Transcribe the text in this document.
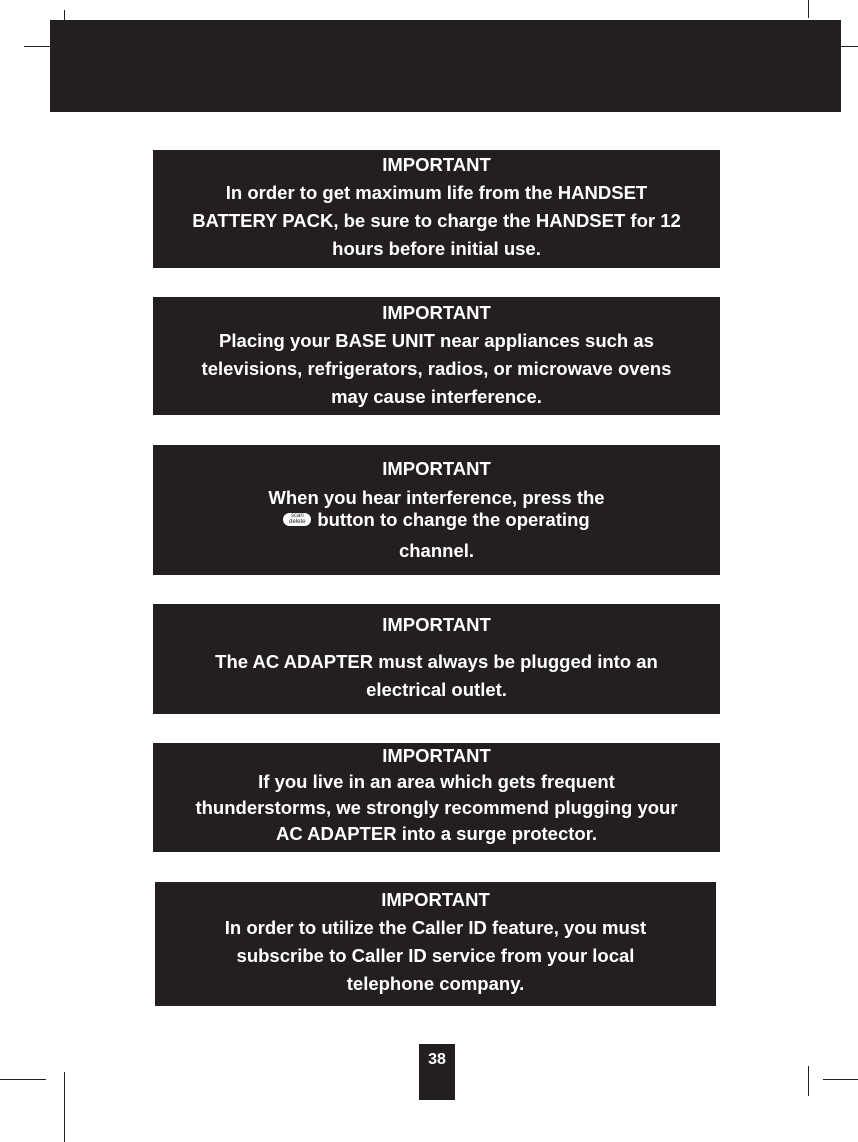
IMPORTANT
In order to get maximum life from the HANDSET
BATTERY PACK, be sure to charge the HANDSET for 12
hours before initial use.
IMPORTANT
Placing your BASE UNIT near appliances such as
televisions, refrigerators, radios, or microwave ovens
may cause interference.
IMPORTANT
When you hear interference, press the
scan
delete button to change the operating
channel.
IMPORTANT
The AC ADAPTER must always be plugged into an
electrical outlet.
IMPORTANT
If you live in an area which gets frequent
thunderstorms, we strongly recommend plugging your
AC ADAPTER into a surge protector.
IMPORTANT
In order to utilize the Caller ID feature, you must
subscribe to Caller ID service from your local
telephone company.
38
